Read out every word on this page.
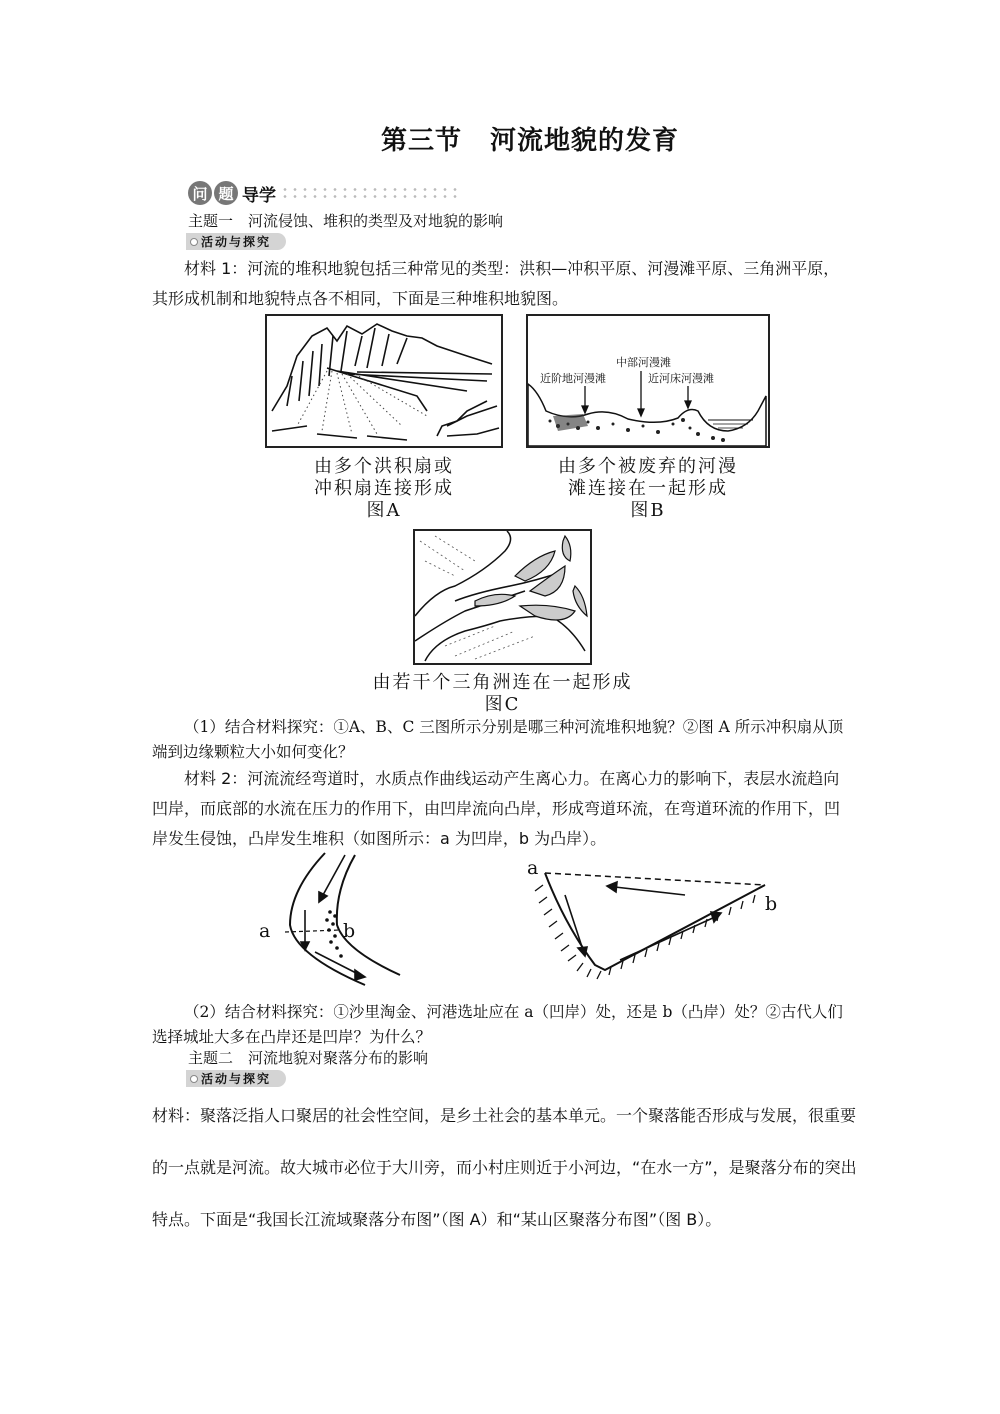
第三节 河流地貌的发育
问 题 导学
主题一　河流侵蚀、堆积的类型及对地貌的影响
活动与探究
材料 1：河流的堆积地貌包括三种常见的类型：洪积—冲积平原、河漫滩平原、三角洲平原，其形成机制和地貌特点各不相同，下面是三种堆积地貌图。
由多个洪积扇或
冲积扇连接形成
图A
中部河漫滩
近阶地河漫滩	近河床河漫滩
由多个被废弃的河漫
滩连接在一起形成
图B
由若干个三角洲连在一起形成
图C
（1）结合材料探究：①A、B、C 三图所示分别是哪三种河流堆积地貌？②图 A 所示冲积扇从顶端到边缘颗粒大小如何变化？
材料 2：河流流经弯道时，水质点作曲线运动产生离心力。在离心力的影响下，表层水流趋向凹岸，而底部的水流在压力的作用下，由凹岸流向凸岸，形成弯道环流，在弯道环流的作用下，凹岸发生侵蚀，凸岸发生堆积（如图所示：a 为凹岸，b 为凸岸）。
a	b
a
b
（2）结合材料探究：①沙里淘金、河港选址应在 a（凹岸）处，还是 b（凸岸）处？②古代人们选择城址大多在凸岸还是凹岸？为什么？
主题二　河流地貌对聚落分布的影响
活动与探究
材料：聚落泛指人口聚居的社会性空间，是乡土社会的基本单元。一个聚落能否形成与发展，很重要的一点就是河流。故大城市必位于大川旁，而小村庄则近于小河边，“在水一方”，是聚落分布的突出特点。下面是“我国长江流域聚落分布图”（图 A）和“某山区聚落分布图”（图 B）。
